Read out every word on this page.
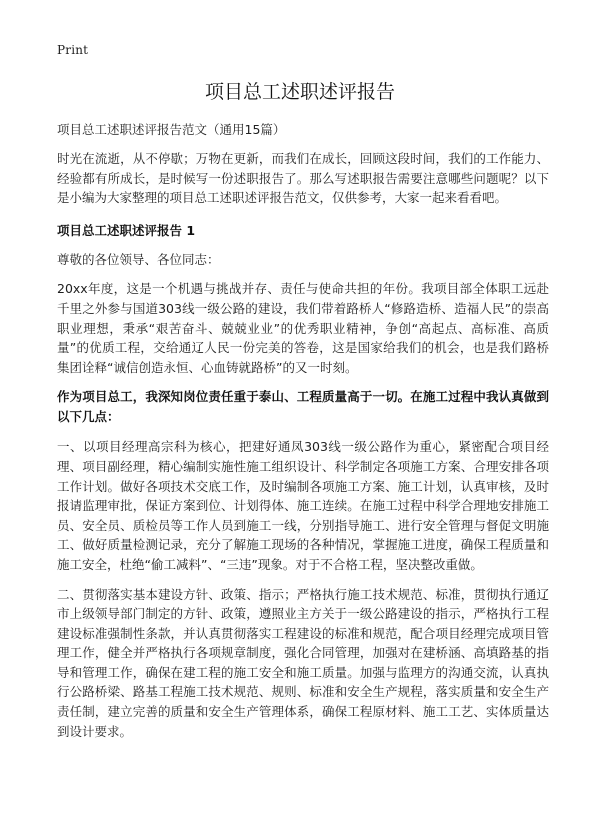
Print
项目总工述职述评报告
项目总工述职述评报告范文（通用15篇）

时光在流逝，从不停歇；万物在更新，而我们在成长，回顾这段时间，我们的工作能力、经验都有所成长，是时候写一份述职报告了。那么写述职报告需要注意哪些问题呢？以下是小编为大家整理的项目总工述职述评报告范文，仅供参考，大家一起来看看吧。

项目总工述职述评报告 1

尊敬的各位领导、各位同志：

20xx年度，这是一个机遇与挑战并存、责任与使命共担的年份。我项目部全体职工远赴千里之外参与国道303线一级公路的建设，我们带着路桥人“修路造桥、造福人民”的崇高职业理想，秉承“艰苦奋斗、兢兢业业”的优秀职业精神，争创“高起点、高标准、高质量”的优质工程，交给通辽人民一份完美的答卷，这是国家给我们的机会，也是我们路桥集团诠释“诚信创造永恒、心血铸就路桥”的又一时刻。

作为项目总工，我深知岗位责任重于泰山、工程质量高于一切。在施工过程中我认真做到以下几点：

一、以项目经理高宗科为核心，把建好通凤303线一级公路作为重心，紧密配合项目经理、项目副经理，精心编制实施性施工组织设计、科学制定各项施工方案、合理安排各项工作计划。做好各项技术交底工作，及时编制各项施工方案、施工计划，认真审核，及时报请监理审批，保证方案到位、计划得体、施工连续。在施工过程中科学合理地安排施工员、安全员、质检员等工作人员到施工一线，分别指导施工、进行安全管理与督促文明施工、做好质量检测记录，充分了解施工现场的各种情况，掌握施工进度，确保工程质量和施工安全，杜绝“偷工减料”、“三违”现象。对于不合格工程，坚决整改重做。

二、贯彻落实基本建设方针、政策、指示；严格执行施工技术规范、标准，贯彻执行通辽市上级领导部门制定的方针、政策，遵照业主方关于一级公路建设的指示，严格执行工程建设标准强制性条款，并认真贯彻落实工程建设的标准和规范，配合项目经理完成项目管理工作，健全并严格执行各项规章制度，强化合同管理，加强对在建桥涵、高填路基的指导和管理工作，确保在建工程的施工安全和施工质量。加强与监理方的沟通交流，认真执行公路桥梁、路基工程施工技术规范、规则、标准和安全生产规程，落实质量和安全生产责任制，建立完善的质量和安全生产管理体系，确保工程原材料、施工工艺、实体质量达到设计要求。
